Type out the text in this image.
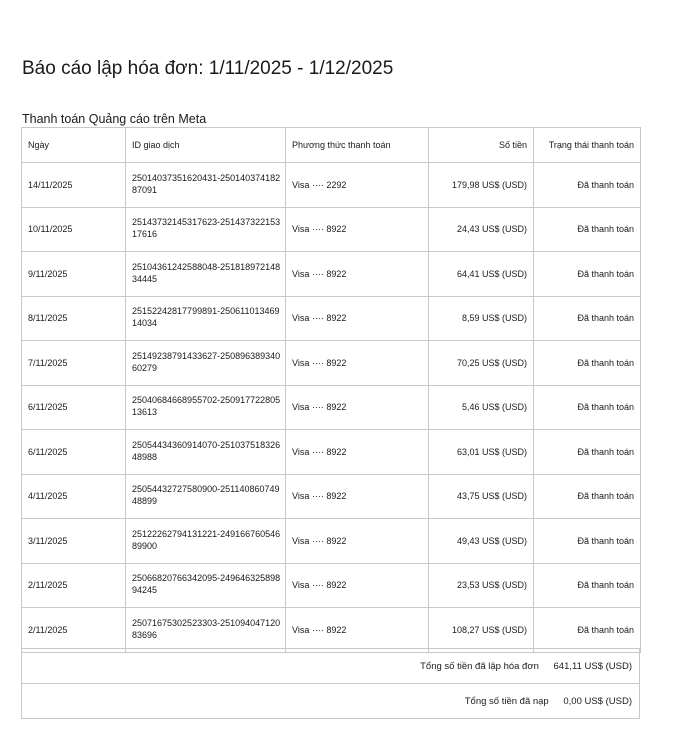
Báo cáo lập hóa đơn: 1/11/2025 - 1/12/2025
Thanh toán Quảng cáo trên Meta
Ngày	ID giao dịch	Phương thức thanh toán	Số tiền	Trạng thái thanh toán
14/11/2025	25014037351620431-25014037418287091	Visa ···· 2292	179,98 US$ (USD)	Đã thanh toán
10/11/2025	25143732145317623-25143732215317616	Visa ···· 8922	24,43 US$ (USD)	Đã thanh toán
9/11/2025	25104361242588048-25181897214834445	Visa ···· 8922	64,41 US$ (USD)	Đã thanh toán
8/11/2025	25152242817799891-25061101346914034	Visa ···· 8922	8,59 US$ (USD)	Đã thanh toán
7/11/2025	25149238791433627-25089638934060279	Visa ···· 8922	70,25 US$ (USD)	Đã thanh toán
6/11/2025	25040684668955702-25091772280513613	Visa ···· 8922	5,46 US$ (USD)	Đã thanh toán
6/11/2025	25054434360914070-25103751832648988	Visa ···· 8922	63,01 US$ (USD)	Đã thanh toán
4/11/2025	25054432727580900-25114086074948899	Visa ···· 8922	43,75 US$ (USD)	Đã thanh toán
3/11/2025	25122262794131221-24916676054689900	Visa ···· 8922	49,43 US$ (USD)	Đã thanh toán
2/11/2025	25066820766342095-24964632589894245	Visa ···· 8922	23,53 US$ (USD)	Đã thanh toán
2/11/2025	25071675302523303-25109404712083696	Visa ···· 8922	108,27 US$ (USD)	Đã thanh toán
Tổng số tiền đã lập hóa đơn 641,11 US$ (USD)
Tổng số tiền đã nạp 0,00 US$ (USD)
